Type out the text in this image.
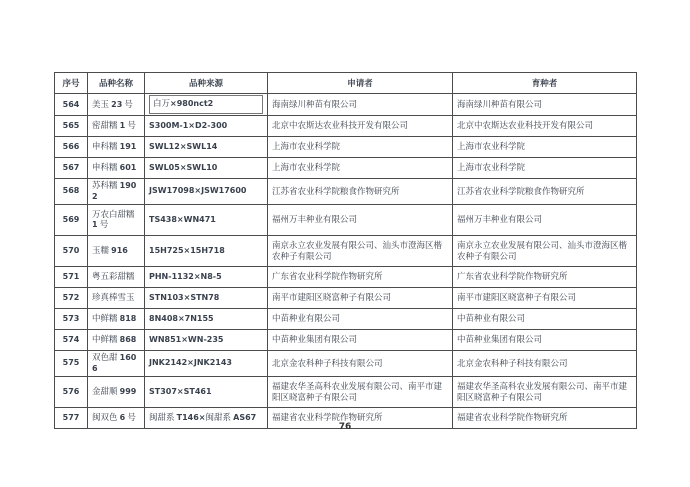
序号	品种名称	品种来源	申请者	育种者
564	美玉 23 号	白万×980nct2	海南绿川种苗有限公司	海南绿川种苗有限公司
565	密甜糯 1 号	S300M-1×D2-300	北京中农斯达农业科技开发有限公司	北京中农斯达农业科技开发有限公司
566	申科糯 191	SWL12×SWL14	上海市农业科学院	上海市农业科学院
567	申科糯 601	SWL05×SWL10	上海市农业科学院	上海市农业科学院
568	苏科糯 1902	JSW17098×JSW17600	江苏省农业科学院粮食作物研究所	江苏省农业科学院粮食作物研究所
569	万农白甜糯 1 号	TS438×WN471	福州万丰种业有限公司	福州万丰种业有限公司
570	玉糯 916	15H725×15H718	南京永立农业发展有限公司、汕头市澄海区楷农种子有限公司	南京永立农业发展有限公司、汕头市澄海区楷农种子有限公司
571	粤五彩甜糯	PHN-1132×N8-5	广东省农业科学院作物研究所	广东省农业科学院作物研究所
572	珍真棒雪玉	STN103×STN78	南平市建阳区晓富种子有限公司	南平市建阳区晓富种子有限公司
573	中鲜糯 818	8N408×7N155	中苗种业有限公司	中苗种业有限公司
574	中鲜糯 868	WN851×WN-235	中苗种业集团有限公司	中苗种业集团有限公司
575	双色甜 1606	JNK2142×JNK2143	北京金农科种子科技有限公司	北京金农科种子科技有限公司
576	金甜顺 999	ST307×ST461	福建农华圣高科农业发展有限公司、南平市建阳区晓富种子有限公司	福建农华圣高科农业发展有限公司、南平市建阳区晓富种子有限公司
577	闽双色 6 号	闽甜系 T146×闽甜系 AS67	福建省农业科学院作物研究所	福建省农业科学院作物研究所
76
